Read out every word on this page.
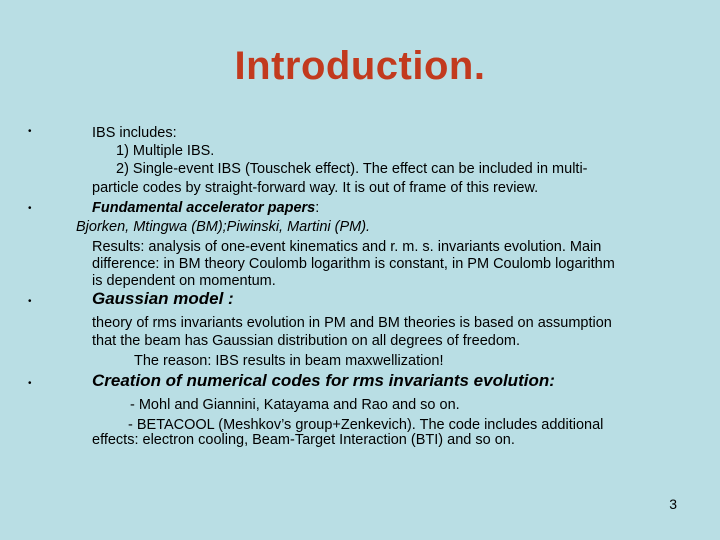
Introduction.
•	IBS includes:
1) Multiple IBS.
2) Single-event IBS (Touschek effect). The effect can be included in multi-
particle codes by straight-forward way. It is out of frame of this review.
•	Fundamental accelerator papers:
Bjorken, Mtingwa (BM);Piwinski, Martini (PM).
Results: analysis of one-event kinematics and r. m. s. invariants evolution. Main
difference: in BM theory Coulomb logarithm is constant, in PM Coulomb logarithm
is dependent on momentum.
•	Gaussian model :
theory of rms invariants evolution in PM and BM theories is based on assumption
that the beam has Gaussian distribution on all degrees of freedom.
The reason: IBS results in beam maxwellization!
•	Creation of numerical codes for rms invariants evolution:
- Mohl and Giannini, Katayama and Rao and so on.
- BETACOOL (Meshkov’s group+Zenkevich). The code includes additional
effects: electron cooling, Beam-Target Interaction (BTI) and so on.
3
